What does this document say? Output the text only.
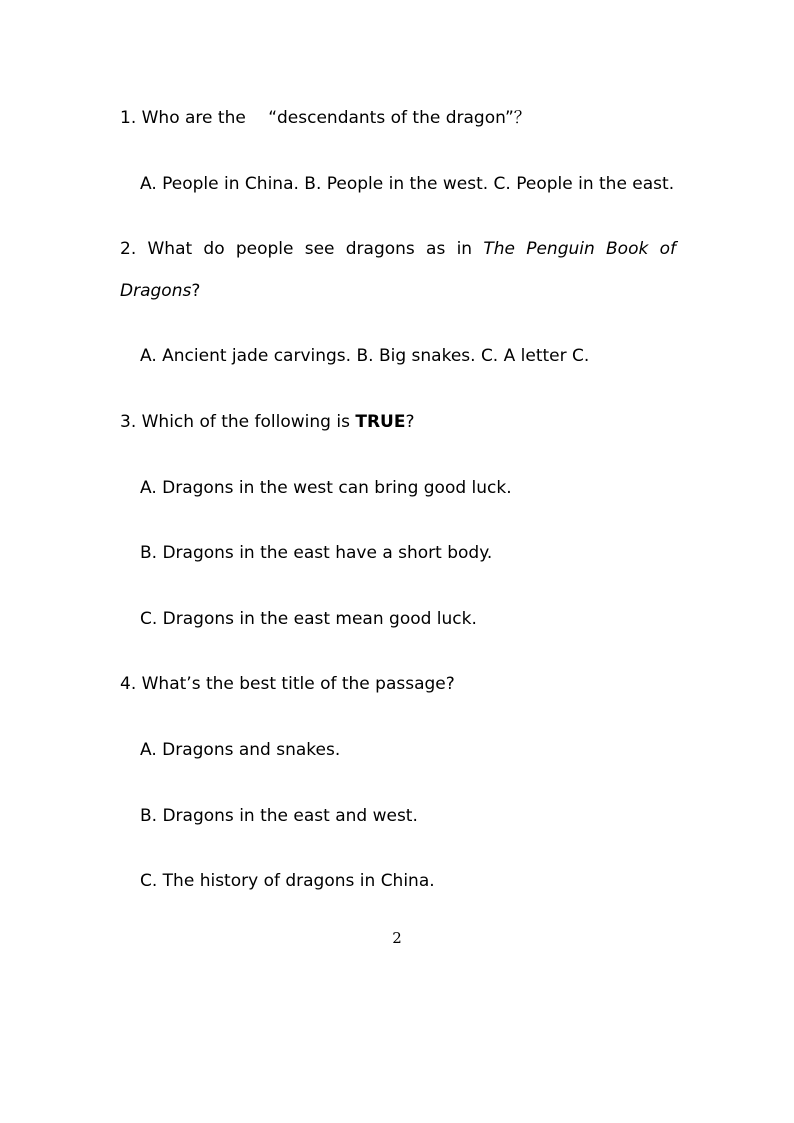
1. Who are the 　“descendants of the dragon”？
A. People in China. B. People in the west. C. People in the east.
2. What do people see dragons as in The Penguin Book of
Dragons?
A. Ancient jade carvings. B. Big snakes. C. A letter C.
3. Which of the following is TRUE?
A. Dragons in the west can bring good luck.
B. Dragons in the east have a short body.
C. Dragons in the east mean good luck.
4. What’s the best title of the passage?
A. Dragons and snakes.
B. Dragons in the east and west.
C. The history of dragons in China.
2
